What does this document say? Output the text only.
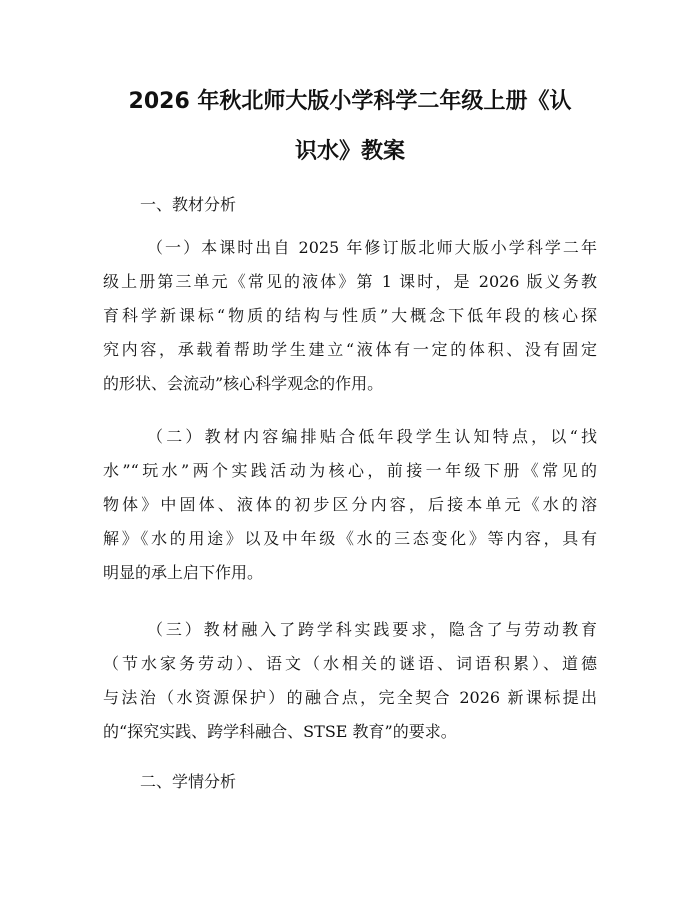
2026 年秋北师大版小学科学二年级上册《认
识水》教案

一、教材分析

（一）本课时出自 2025 年修订版北师大版小学科学二年
级上册第三单元《常见的液体》第 1 课时，是 2026 版义务教
育科学新课标“物质的结构与性质”大概念下低年段的核心探
究内容，承载着帮助学生建立“液体有一定的体积、没有固定
的形状、会流动”核心科学观念的作用。
（二）教材内容编排贴合低年段学生认知特点，以“找
水”“玩水”两个实践活动为核心，前接一年级下册《常见的
物体》中固体、液体的初步区分内容，后接本单元《水的溶
解》《水的用途》以及中年级《水的三态变化》等内容，具有
明显的承上启下作用。
（三）教材融入了跨学科实践要求，隐含了与劳动教育
（节水家务劳动）、语文（水相关的谜语、词语积累）、道德
与法治（水资源保护）的融合点，完全契合 2026 新课标提出
的“探究实践、跨学科融合、STSE 教育”的要求。

二、学情分析
